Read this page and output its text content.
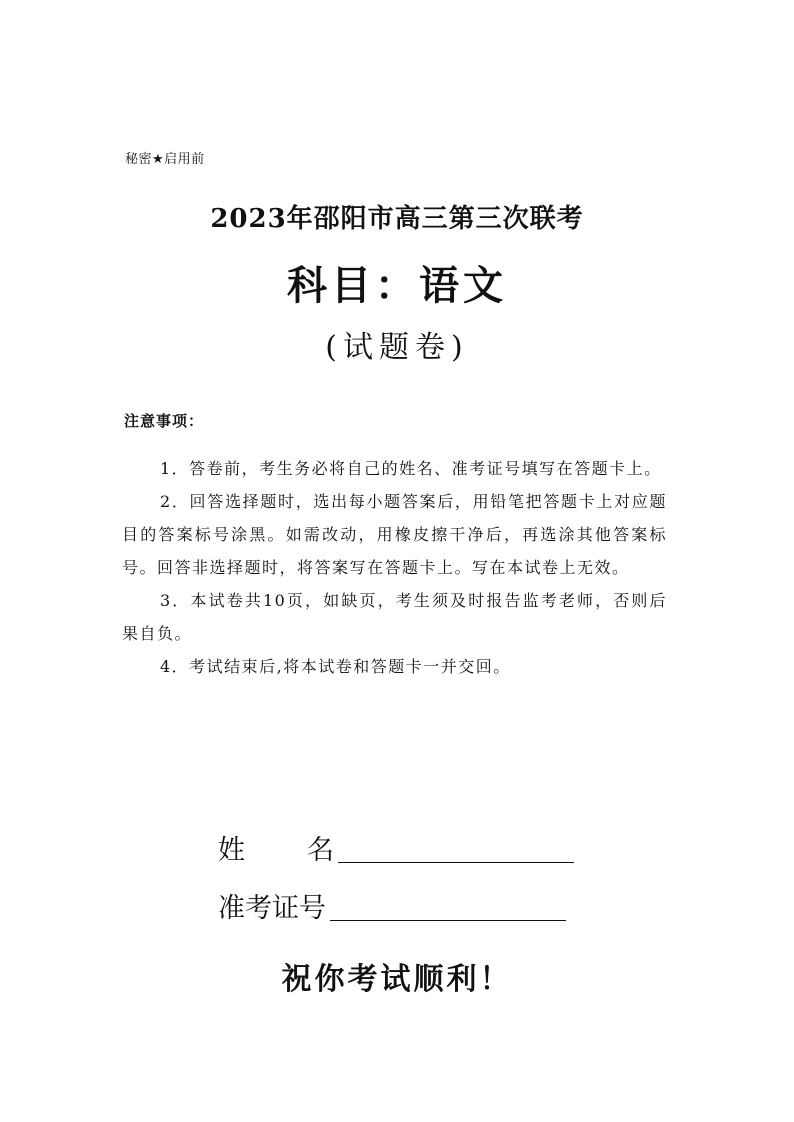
秘密★启用前

2023年邵阳市高三第三次联考
科目：语文

(试题卷)

注意事项：

1．答卷前，考生务必将自己的姓名、准考证号填写在答题卡上。

2．回答选择题时，选出每小题答案后，用铅笔把答题卡上对应题目的答案标号涂黑。如需改动，用橡皮擦干净后，再选涂其他答案标号。回答非选择题时，将答案写在答题卡上。写在本试卷上无效。

3．本试卷共10页，如缺页，考生须及时报告监考老师，否则后果自负。

4．考试结束后,将本试卷和答题卡一并交回。

姓名
准考证号

祝你考试顺利！
